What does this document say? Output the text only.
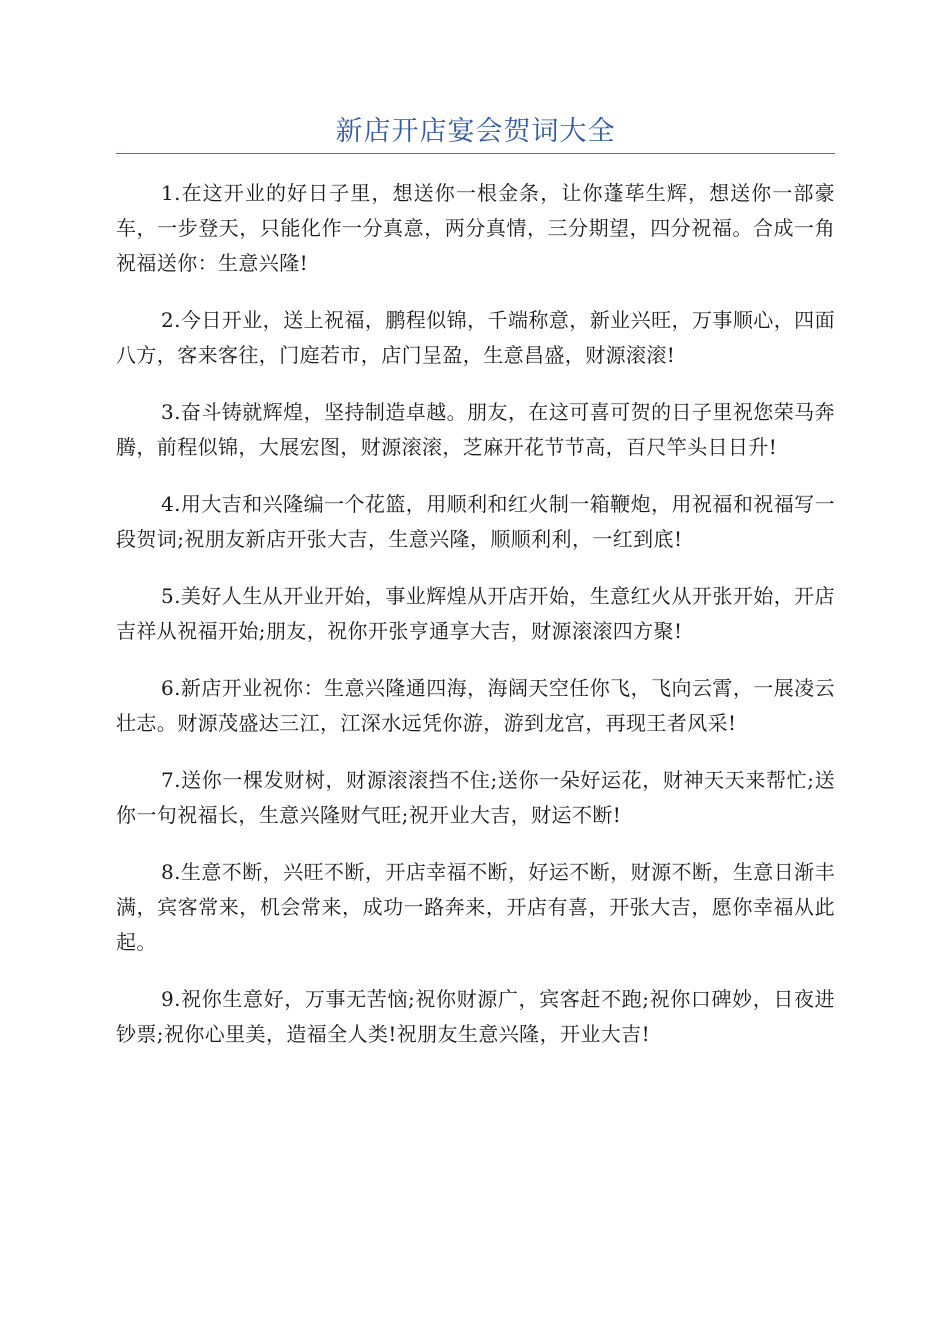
新店开店宴会贺词大全

1.在这开业的好日子里，想送你一根金条，让你蓬荜生辉，想送你一部豪车，一步登天，只能化作一分真意，两分真情，三分期望，四分祝福。合成一角祝福送你：生意兴隆!

2.今日开业，送上祝福，鹏程似锦，千端称意，新业兴旺，万事顺心，四面八方，客来客往，门庭若市，店门呈盈，生意昌盛，财源滚滚!

3.奋斗铸就辉煌，坚持制造卓越。朋友，在这可喜可贺的日子里祝您荣马奔腾，前程似锦，大展宏图，财源滚滚，芝麻开花节节高，百尺竿头日日升!

4.用大吉和兴隆编一个花篮，用顺利和红火制一箱鞭炮，用祝福和祝福写一段贺词;祝朋友新店开张大吉，生意兴隆，顺顺利利，一红到底!

5.美好人生从开业开始，事业辉煌从开店开始，生意红火从开张开始，开店吉祥从祝福开始;朋友，祝你开张亨通享大吉，财源滚滚四方聚!

6.新店开业祝你：生意兴隆通四海，海阔天空任你飞，飞向云霄，一展凌云壮志。财源茂盛达三江，江深水远凭你游，游到龙宫，再现王者风采!

7.送你一棵发财树，财源滚滚挡不住;送你一朵好运花，财神天天来帮忙;送你一句祝福长，生意兴隆财气旺;祝开业大吉，财运不断!

8.生意不断，兴旺不断，开店幸福不断，好运不断，财源不断，生意日渐丰满，宾客常来，机会常来，成功一路奔来，开店有喜，开张大吉，愿你幸福从此起。

9.祝你生意好，万事无苦恼;祝你财源广，宾客赶不跑;祝你口碑妙，日夜进钞票;祝你心里美，造福全人类!祝朋友生意兴隆，开业大吉!
